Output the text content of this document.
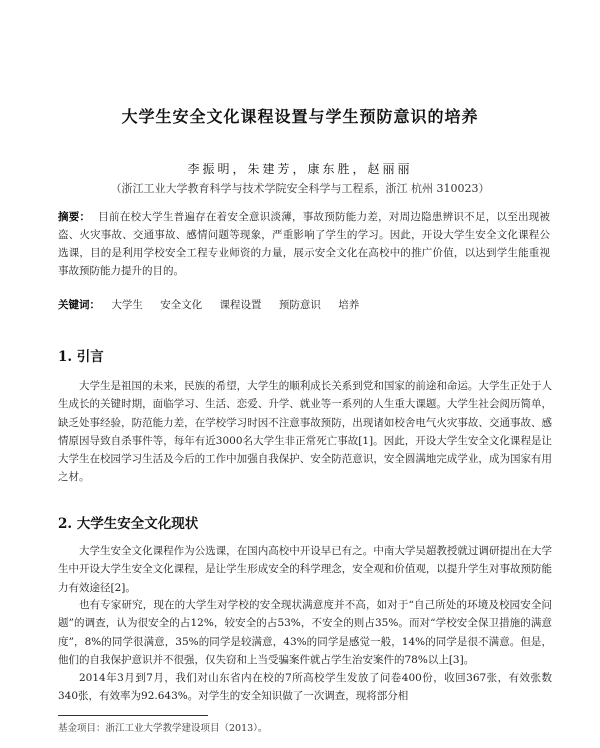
大学生安全文化课程设置与学生预防意识的培养
李振明，朱建芳，康东胜，赵丽丽
（浙江工业大学教育科学与技术学院安全科学与工程系，浙江 杭州 310023）
摘要： 目前在校大学生普遍存在着安全意识淡薄，事故预防能力差，对周边隐患辨识不足，以至出现被盗、火灾事故、交通事故、感情问题等现象，严重影响了学生的学习。因此，开设大学生安全文化课程公选课，目的是利用学校安全工程专业师资的力量，展示安全文化在高校中的推广价值，以达到学生能重视事故预防能力提升的目的。
关键词： 大学生 安全文化 课程设置 预防意识 培养
1. 引言
大学生是祖国的未来，民族的希望，大学生的顺利成长关系到党和国家的前途和命运。大学生正处于人生成长的关键时期，面临学习、生活、恋爱、升学、就业等一系列的人生重大课题。大学生社会阅历简单，缺乏处事经验，防范能力差，在学校学习时因不注意事故预防，出现诸如校舍电气火灾事故、交通事故、感情原因导致自杀事件等，每年有近3000名大学生非正常死亡事故[1]。因此，开设大学生安全文化课程是让大学生在校园学习生活及今后的工作中加强自我保护、安全防范意识，安全圆满地完成学业，成为国家有用之材。
2. 大学生安全文化现状
大学生安全文化课程作为公选课，在国内高校中开设早已有之。中南大学吴超教授就过调研提出在大学生中开设大学生安全文化课程，是让学生形成安全的科学理念，安全观和价值观，以提升学生对事故预防能力有效途径[2]。
也有专家研究，现在的大学生对学校的安全现状满意度并不高，如对于“自己所处的环境及校园安全问题”的调查，认为很安全的占12%，较安全的占53%，不安全的则占35%。而对“学校安全保卫措施的满意度”，8%的同学很满意，35%的同学是较满意，43%的同学是感觉一般，14%的同学是很不满意。但是，他们的自我保护意识并不很强，仅失窃和上当受骗案件就占学生治安案件的78%以上[3]。
2014年3月到7月，我们对山东省内在校的7所高校学生发放了问卷400份，收回367张，有效张数340张，有效率为92.643%。对学生的安全知识做了一次调查，现将部分相
基金项目：浙江工业大学教学建设项目（2013）。
